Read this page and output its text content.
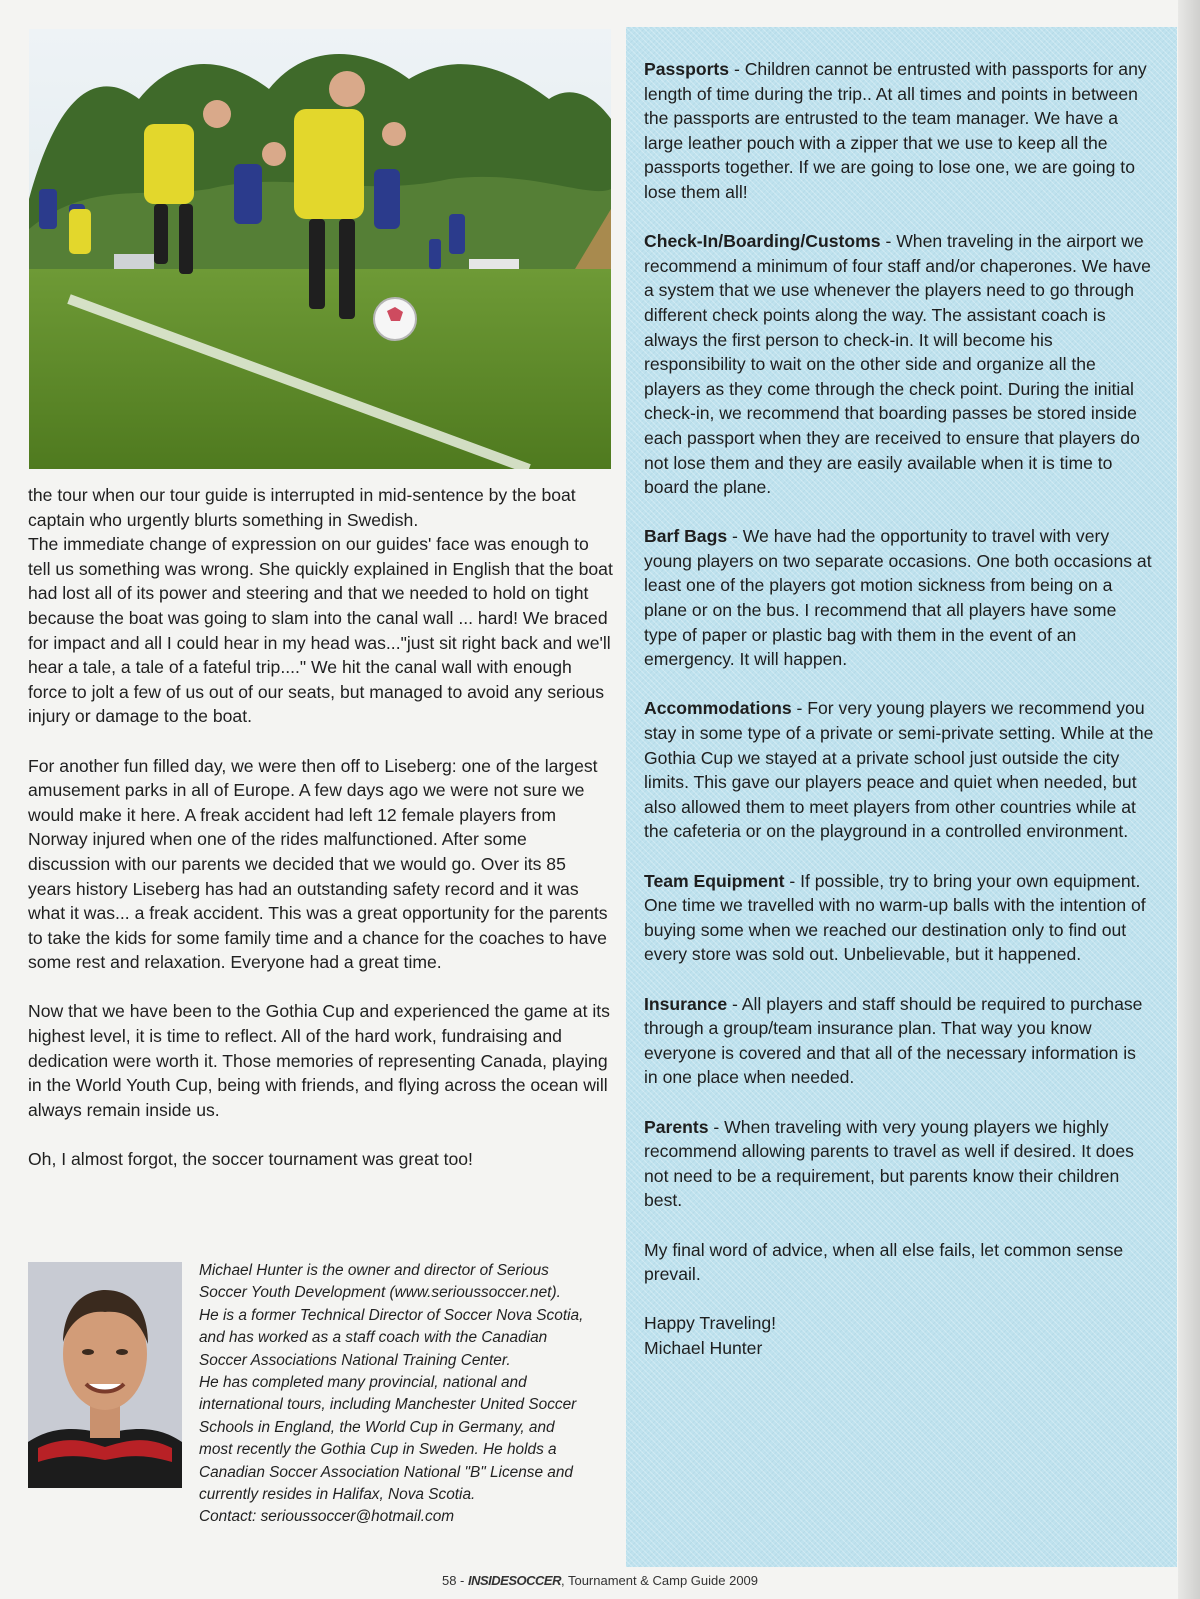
the tour when our tour guide is interrupted in mid-sentence by the boat captain who urgently blurts something in Swedish.

The immediate change of expression on our guides' face was enough to tell us something was wrong. She quickly explained in English that the boat had lost all of its power and steering and that we needed to hold on tight because the boat was going to slam into the canal wall ... hard! We braced for impact and all I could hear in my head was..."just sit right back and we'll hear a tale, a tale of a fateful trip...." We hit the canal wall with enough force to jolt a few of us out of our seats, but managed to avoid any serious injury or damage to the boat.

For another fun filled day, we were then off to Liseberg: one of the largest amusement parks in all of Europe. A few days ago we were not sure we would make it here. A freak accident had left 12 female players from Norway injured when one of the rides malfunctioned. After some discussion with our parents we decided that we would go. Over its 85 years history Liseberg has had an outstanding safety record and it was what it was... a freak accident. This was a great opportunity for the parents to take the kids for some family time and a chance for the coaches to have some rest and relaxation. Everyone had a great time.

Now that we have been to the Gothia Cup and experienced the game at its highest level, it is time to reflect. All of the hard work, fundraising and dedication were worth it. Those memories of representing Canada, playing in the World Youth Cup, being with friends, and flying across the ocean will always remain inside us.

Oh, I almost forgot, the soccer tournament was great too!

Michael Hunter is the owner and director of Serious
Soccer Youth Development (www.serioussoccer.net).
He is a former Technical Director of Soccer Nova Scotia,
and has worked as a staff coach with the Canadian
Soccer Associations National Training Center.
He has completed many provincial, national and
international tours, including Manchester United Soccer
Schools in England, the World Cup in Germany, and
most recently the Gothia Cup in Sweden. He holds a
Canadian Soccer Association National "B" License and
currently resides in Halifax, Nova Scotia.
Contact: serioussoccer@hotmail.com

Passports - Children cannot be entrusted with passports for any length of time during the trip.. At all times and points in between the passports are entrusted to the team manager. We have a large leather pouch with a zipper that we use to keep all the passports together. If we are going to lose one, we are going to lose them all!

Check-In/Boarding/Customs - When traveling in the airport we recommend a minimum of four staff and/or chaperones. We have a system that we use whenever the players need to go through different check points along the way. The assistant coach is always the first person to check-in. It will become his responsibility to wait on the other side and organize all the players as they come through the check point. During the initial check-in, we recommend that boarding passes be stored inside each passport when they are received to ensure that players do not lose them and they are easily available when it is time to board the plane.

Barf Bags - We have had the opportunity to travel with very young players on two separate occasions. One both occasions at least one of the players got motion sickness from being on a plane or on the bus. I recommend that all players have some type of paper or plastic bag with them in the event of an emergency. It will happen.

Accommodations - For very young players we recommend you stay in some type of a private or semi-private setting. While at the Gothia Cup we stayed at a private school just outside the city limits. This gave our players peace and quiet when needed, but also allowed them to meet players from other countries while at the cafeteria or on the playground in a controlled environment.

Team Equipment - If possible, try to bring your own equipment. One time we travelled with no warm-up balls with the intention of buying some when we reached our destination only to find out every store was sold out. Unbelievable, but it happened.

Insurance - All players and staff should be required to purchase through a group/team insurance plan. That way you know everyone is covered and that all of the necessary information is in one place when needed.

Parents - When traveling with very young players we highly recommend allowing parents to travel as well if desired. It does not need to be a requirement, but parents know their children best.

My final word of advice, when all else fails, let common sense prevail.

Happy Traveling!
Michael Hunter

58 - INSIDESOCCER, Tournament & Camp Guide 2009
